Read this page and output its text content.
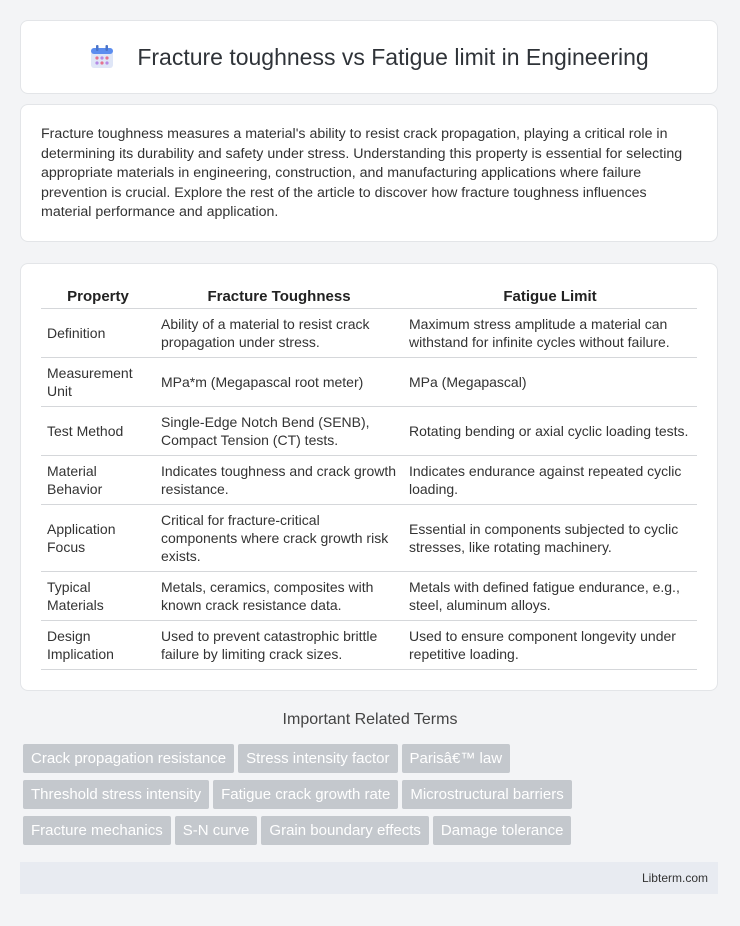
Fracture toughness vs Fatigue limit in Engineering

Fracture toughness measures a material's ability to resist crack propagation, playing a critical role in determining its durability and safety under stress. Understanding this property is essential for selecting appropriate materials in engineering, construction, and manufacturing applications where failure prevention is crucial. Explore the rest of the article to discover how fracture toughness influences material performance and application.

Property	Fracture Toughness	Fatigue Limit
Definition	Ability of a material to resist crack propagation under stress.	Maximum stress amplitude a material can withstand for infinite cycles without failure.
Measurement Unit	MPa*m (Megapascal root meter)	MPa (Megapascal)
Test Method	Single-Edge Notch Bend (SENB), Compact Tension (CT) tests.	Rotating bending or axial cyclic loading tests.
Material Behavior	Indicates toughness and crack growth resistance.	Indicates endurance against repeated cyclic loading.
Application Focus	Critical for fracture-critical components where crack growth risk exists.	Essential in components subjected to cyclic stresses, like rotating machinery.
Typical Materials	Metals, ceramics, composites with known crack resistance data.	Metals with defined fatigue endurance, e.g., steel, aluminum alloys.
Design Implication	Used to prevent catastrophic brittle failure by limiting crack sizes.	Used to ensure component longevity under repetitive loading.
Important Related Terms
Crack propagation resistance Stress intensity factor Parisâ€™ law
Threshold stress intensity Fatigue crack growth rate Microstructural barriers
Fracture mechanics S-N curve Grain boundary effects Damage tolerance
Libterm.com
